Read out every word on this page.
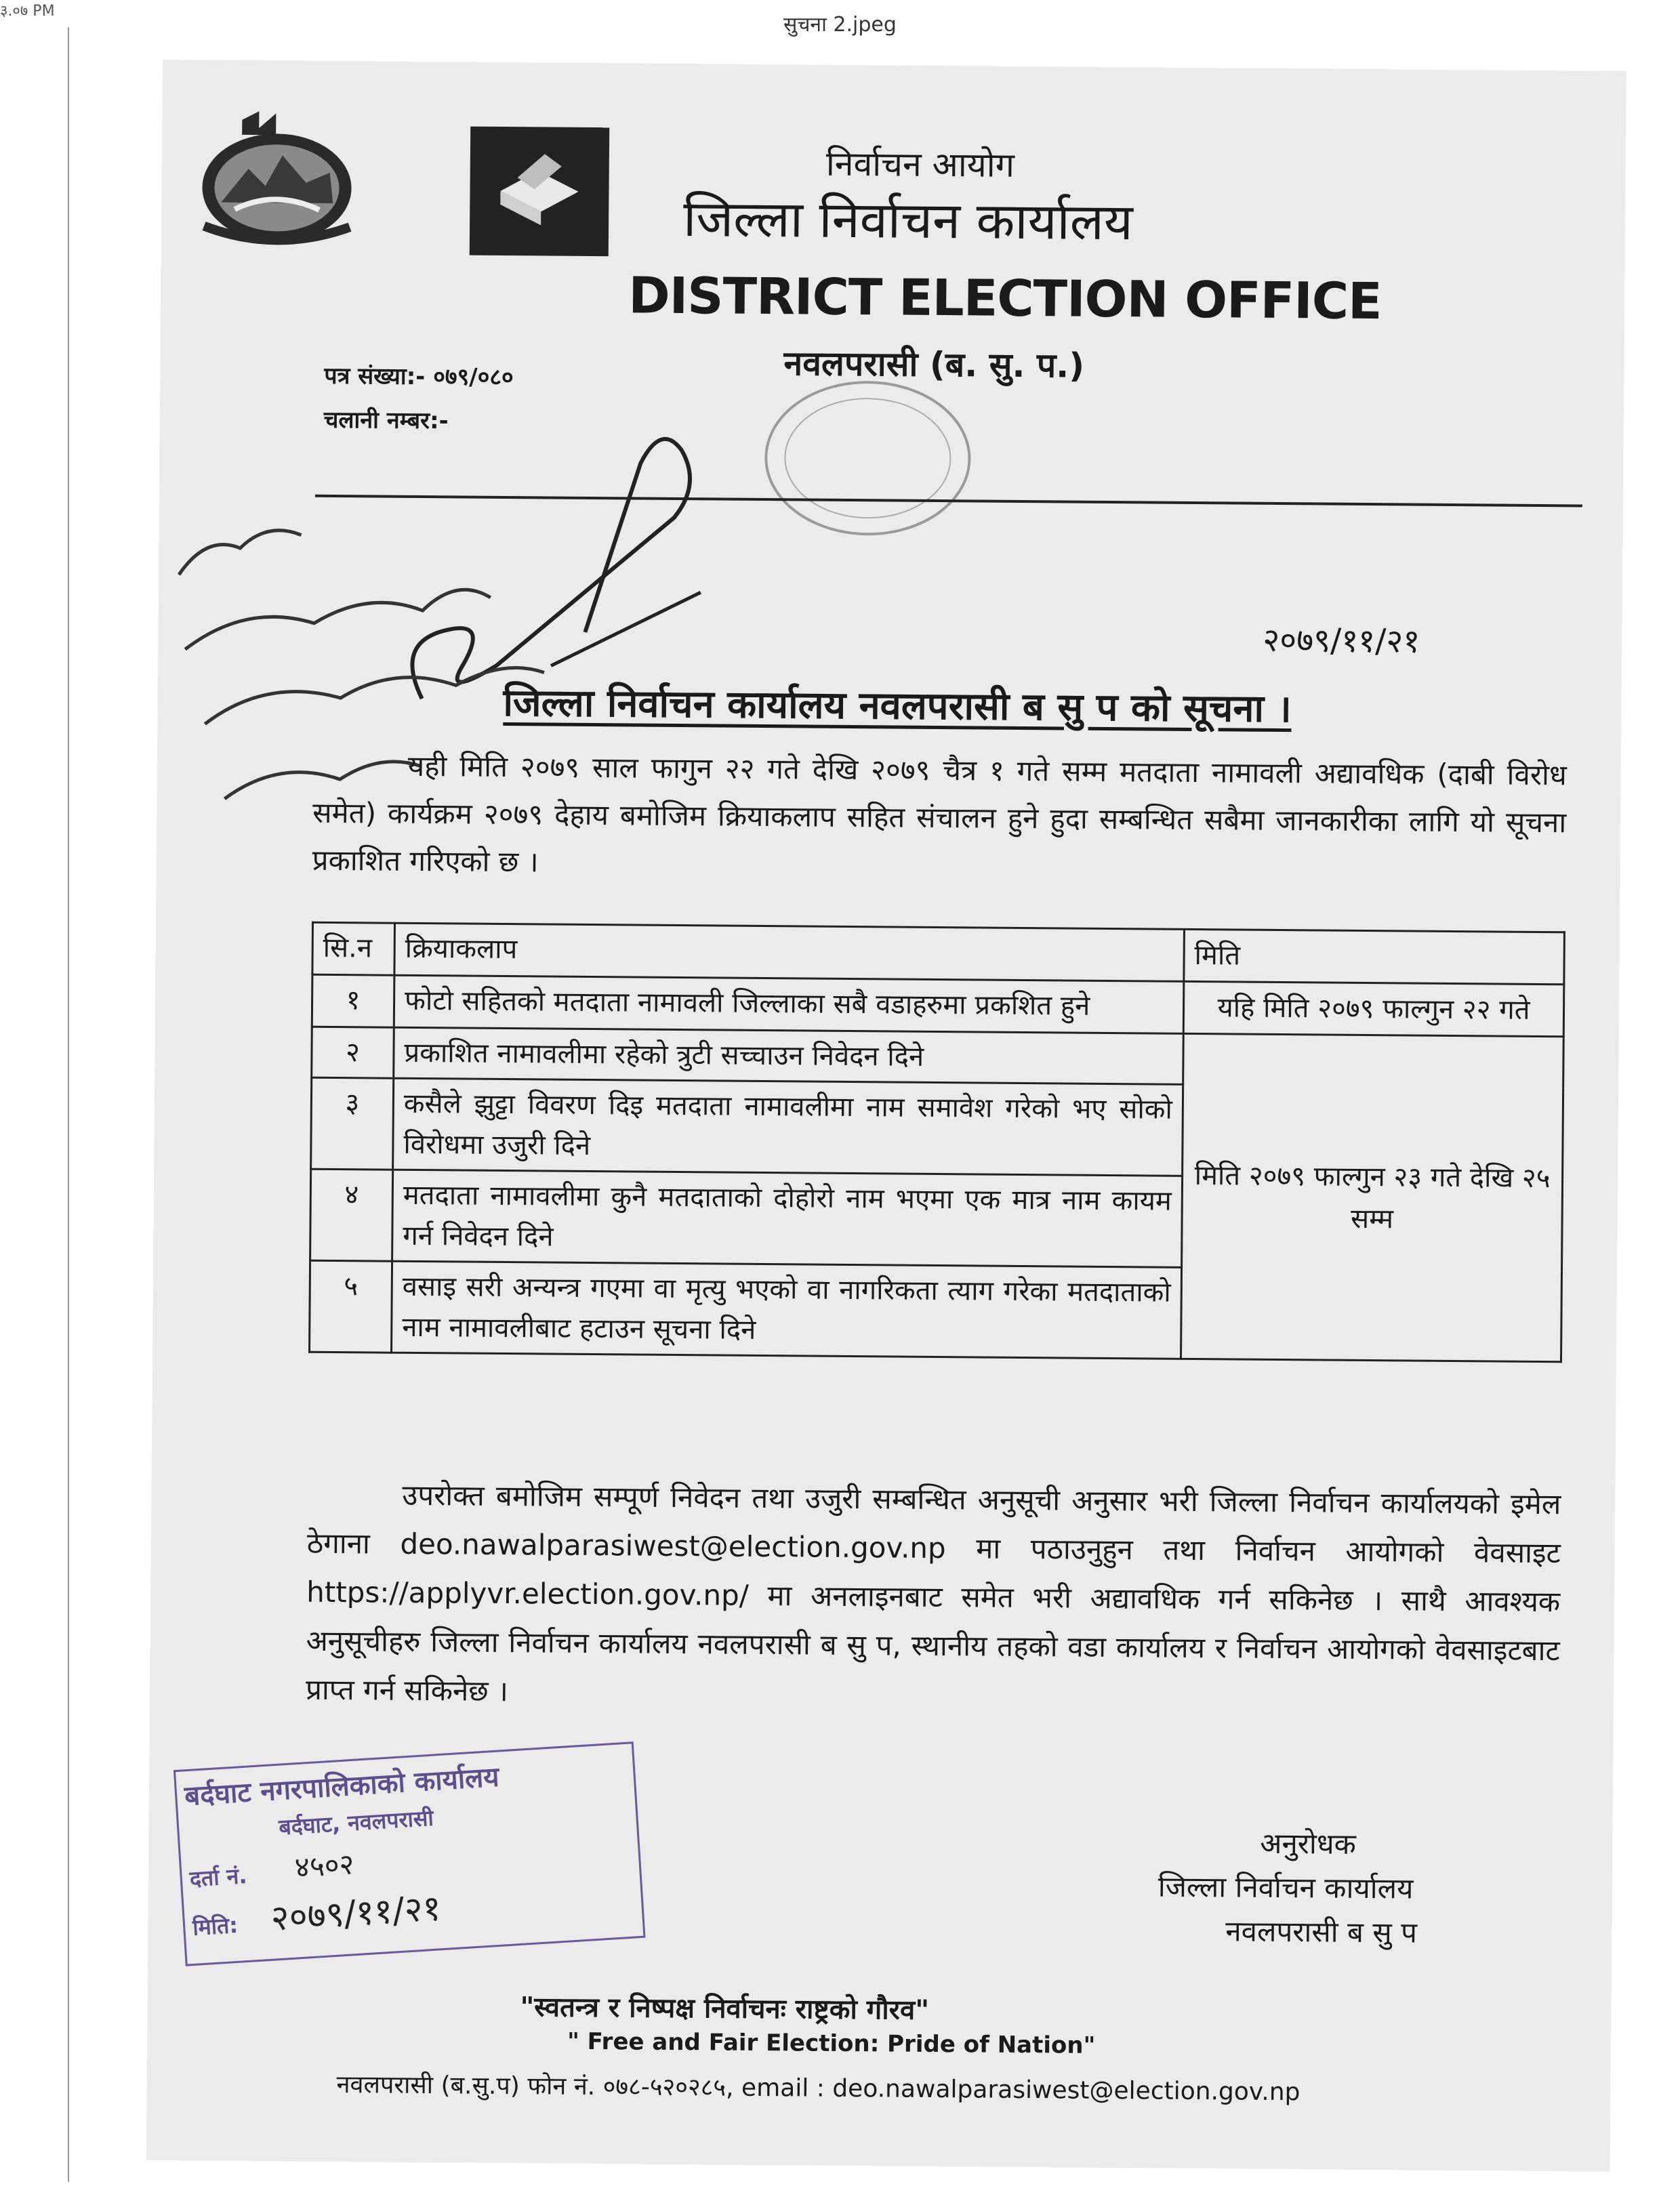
३.०७ PM
सुचना 2.jpeg
निर्वाचन आयोग
जिल्ला निर्वाचन कार्यालय
DISTRICT ELECTION OFFICE
नवलपरासी (ब. सु. प.)
पत्र संख्या:- ०७९/०८०
चलानी नम्बर:-
२०७९/११/२१
जिल्ला निर्वाचन कार्यालय नवलपरासी ब सु प को सूचना ।

यही मिति २०७९ साल फागुन २२ गते देखि २०७९ चैत्र १ गते सम्म मतदाता नामावली अद्यावधिक (दाबी विरोध समेत) कार्यक्रम २०७९ देहाय बमोजिम क्रियाकलाप सहित संचालन हुने हुदा सम्बन्धित सबैमा जानकारीका लागि यो सूचना प्रकाशित गरिएको छ ।

सि.न	क्रियाकलाप	मिति
१	फोटो सहितको मतदाता नामावली जिल्लाका सबै वडाहरुमा प्रकशित हुने	यहि मिति २०७९ फाल्गुन २२ गते
२	प्रकाशित नामावलीमा रहेको त्रुटी सच्चाउन निवेदन दिने	मिति २०७९ फाल्गुन २३ गते देखि २५ सम्म
३	कसैले झुट्टा विवरण दिइ मतदाता नामावलीमा नाम समावेश गरेको भए सोको विरोधमा उजुरी दिने	
४	मतदाता नामावलीमा कुनै मतदाताको दोहोरो नाम भएमा एक मात्र नाम कायम गर्न निवेदन दिने	
५	वसाइ सरी अन्यन्त्र गएमा वा मृत्यु भएको वा नागरिकता त्याग गरेका मतदाताको नाम नामावलीबाट हटाउन सूचना दिने	

उपरोक्त बमोजिम सम्पूर्ण निवेदन तथा उजुरी सम्बन्धित अनुसूची अनुसार भरी जिल्ला निर्वाचन कार्यालयको इमेल ठेगाना deo.nawalparasiwest@election.gov.np मा पठाउनुहुन तथा निर्वाचन आयोगको वेवसाइट https://applyvr.election.gov.np/ मा अनलाइनबाट समेत भरी अद्यावधिक गर्न सकिनेछ । साथै आवश्यक अनुसूचीहरु जिल्ला निर्वाचन कार्यालय नवलपरासी ब सु प, स्थानीय तहको वडा कार्यालय र निर्वाचन आयोगको वेवसाइटबाट प्राप्त गर्न सकिनेछ ।

बर्दघाट नगरपालिकाको कार्यालय
बर्दघाट, नवलपरासी
दर्ता नं. ४५०२
मिति: २०७९/११/२१
अनुरोधक
जिल्ला निर्वाचन कार्यालय
नवलपरासी ब सु प
"स्वतन्त्र र निष्पक्ष निर्वाचनः राष्ट्रको गौरव"
" Free and Fair Election: Pride of Nation"
नवलपरासी (ब.सु.प) फोन नं. ०७८-५२०२८५, email : deo.nawalparasiwest@election.gov.np
